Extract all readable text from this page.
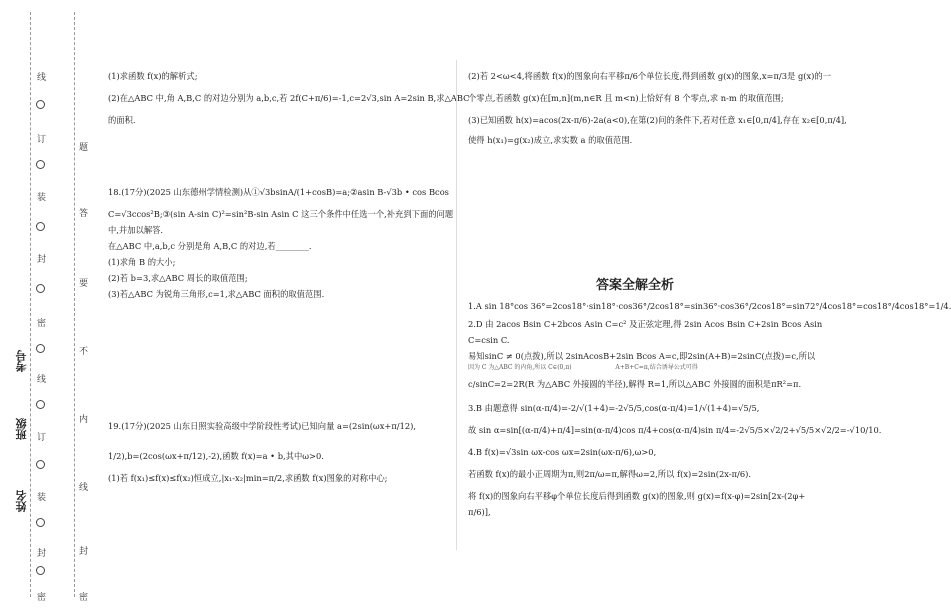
姓名
班级
考号
线
订
装
封
密
线
订
装
封
密
题
答
要
不
内
线
封
密

(1)求函数 f(x)的解析式;

(2)在△ABC 中,角 A,B,C 的对边分别为 a,b,c,若 2f(C+π/6)=-1,c=2√3,sin A=2sin B,求△ABC

的面积.

18.(17分)(2025 山东德州学情检测)从①√3bsinA/(1+cosB)=a;②asin B-√3b • cos Bcos

C=√3ccos²B;③(sin A-sin C)²=sin²B-sin Asin C 这三个条件中任选一个,补充到下面的问题

中,并加以解答.

在△ABC 中,a,b,c 分别是角 A,B,C 的对边,若________.

(1)求角 B 的大小;

(2)若 b=3,求△ABC 周长的取值范围;

(3)若△ABC 为锐角三角形,c=1,求△ABC 面积的取值范围.

19.(17分)(2025 山东日照实验高级中学阶段性考试)已知向量 a=(2sin(ωx+π/12),

1/2),b=(2cos(ωx+π/12),-2),函数 f(x)=a • b,其中ω>0.

(1)若 f(x₁)≤f(x)≤f(x₂)恒成立,|x₁-x₂|min=π/2,求函数 f(x)图象的对称中心;

(2)若 2<ω<4,将函数 f(x)的图象向右平移π/6个单位长度,得到函数 g(x)的图象,x=π/3是 g(x)的一

个零点,若函数 g(x)在[m,n](m,n∈R 且 m<n)上恰好有 8 个零点,求 n-m 的取值范围;

(3)已知函数 h(x)=acos(2x-π/6)-2a(a<0),在第(2)问的条件下,若对任意 x₁∈[0,π/4],存在 x₂∈[0,π/4],

使得 h(x₁)=g(x₂)成立,求实数 a 的取值范围.

答案全解全析

1.A sin 18°cos 36°=2cos18°·sin18°·cos36°/2cos18°=sin36°·cos36°/2cos18°=sin72°/4cos18°=cos18°/4cos18°=1/4.

2.D 由 2acos Bsin C+2bcos Asin C=c² 及正弦定理,得 2sin Acos Bsin C+2sin Bcos Asin

C=csin C.

易知sinC ≠ 0(点拨),所以 2sinAcosB+2sin Bcos A=c,即2sin(A+B)=2sinC(点拨)=c,所以

因为 C 为△ABC 的内角,所以 C∈(0,π)	A+B+C=π,结合诱导公式可得

c/sinC=2=2R(R 为△ABC 外接圆的半径),解得 R=1,所以△ABC 外接圆的面积是πR²=π.

3.B 由题意得 sin(α-π/4)=-2/√(1+4)=-2√5/5,cos(α-π/4)=1/√(1+4)=√5/5,

故 sin α=sin[(α-π/4)+π/4]=sin(α-π/4)cos π/4+cos(α-π/4)sin π/4=-2√5/5×√2/2+√5/5×√2/2=-√10/10.

4.B f(x)=√3sin ωx-cos ωx=2sin(ωx-π/6),ω>0,

若函数 f(x)的最小正周期为π,则2π/ω=π,解得ω=2,所以 f(x)=2sin(2x-π/6).

将 f(x)的图象向右平移φ个单位长度后得到函数 g(x)的图象,则 g(x)=f(x-φ)=2sin[2x-(2φ+

π/6)],
